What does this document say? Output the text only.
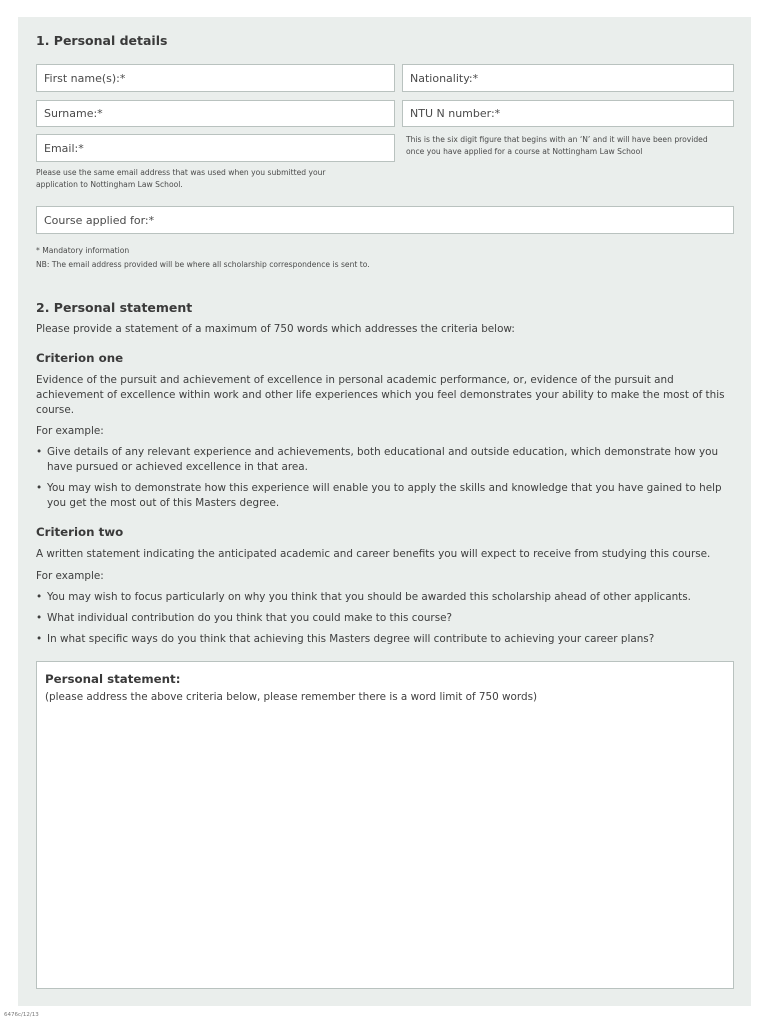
1. Personal details
First name(s):*	Nationality:*
Surname:*	NTU N number:*
Email:*
This is the six digit figure that begins with an ‘N’ and it will have been provided
once you have applied for a course at Nottingham Law School
Please use the same email address that was used when you submitted your
application to Nottingham Law School.
Course applied for:*
* Mandatory information
NB: The email address provided will be where all scholarship correspondence is sent to.
2. Personal statement
Please provide a statement of a maximum of 750 words which addresses the criteria below:
Criterion one
Evidence of the pursuit and achievement of excellence in personal academic performance, or, evidence of the pursuit and achievement of excellence within work and other life experiences which you feel demonstrates your ability to make the most of this course.
For example:
• Give details of any relevant experience and achievements, both educational and outside education, which demonstrate how you have pursued or achieved excellence in that area.
• You may wish to demonstrate how this experience will enable you to apply the skills and knowledge that you have gained to help you get the most out of this Masters degree.
Criterion two
A written statement indicating the anticipated academic and career benefits you will expect to receive from studying this course.
For example:
• You may wish to focus particularly on why you think that you should be awarded this scholarship ahead of other applicants.
• What individual contribution do you think that you could make to this course?
• In what specific ways do you think that achieving this Masters degree will contribute to achieving your career plans?
Personal statement:
(please address the above criteria below, please remember there is a word limit of 750 words)
6476c/12/13
